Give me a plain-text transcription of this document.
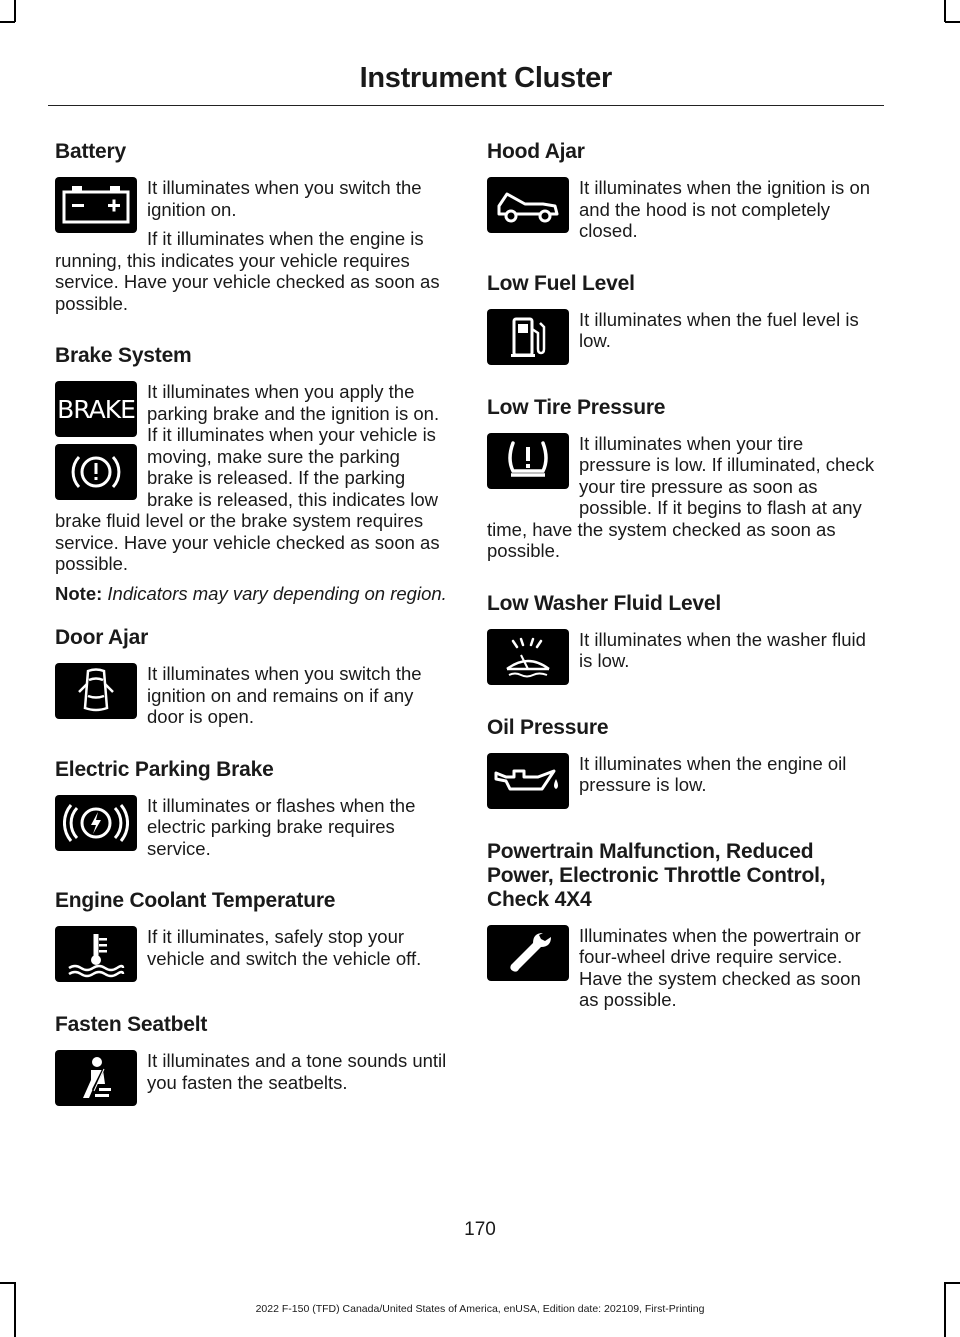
Instrument Cluster
Battery

It illuminates when you switch the ignition on.

If it illuminates when the engine is running, this indicates your vehicle requires service. Have your vehicle checked as soon as possible.

Brake System
BRAKE

It illuminates when you apply the parking brake and the ignition is on. If it illuminates when your vehicle is moving, make sure the parking brake is released. If the parking brake is released, this indicates low brake fluid level or the brake system requires service. Have your vehicle checked as soon as possible.

Note: Indicators may vary depending on region.

Door Ajar

It illuminates when you switch the ignition on and remains on if any door is open.

Electric Parking Brake

It illuminates or flashes when the electric parking brake requires service.

Engine Coolant Temperature

If it illuminates, safely stop your vehicle and switch the vehicle off.

Fasten Seatbelt

It illuminates and a tone sounds until you fasten the seatbelts.

Hood Ajar

It illuminates when the ignition is on and the hood is not completely closed.

Low Fuel Level

It illuminates when the fuel level is low.

Low Tire Pressure

It illuminates when your tire pressure is low. If illuminated, check your tire pressure as soon as possible. If it begins to flash at any time, have the system checked as soon as possible.

Low Washer Fluid Level

It illuminates when the washer fluid is low.

Oil Pressure

It illuminates when the engine oil pressure is low.

Powertrain Malfunction, Reduced Power, Electronic Throttle Control, Check 4X4

Illuminates when the powertrain or four-wheel drive require service. Have the system checked as soon as possible.

170

2022 F-150 (TFD) Canada/United States of America, enUSA, Edition date: 202109, First-Printing
